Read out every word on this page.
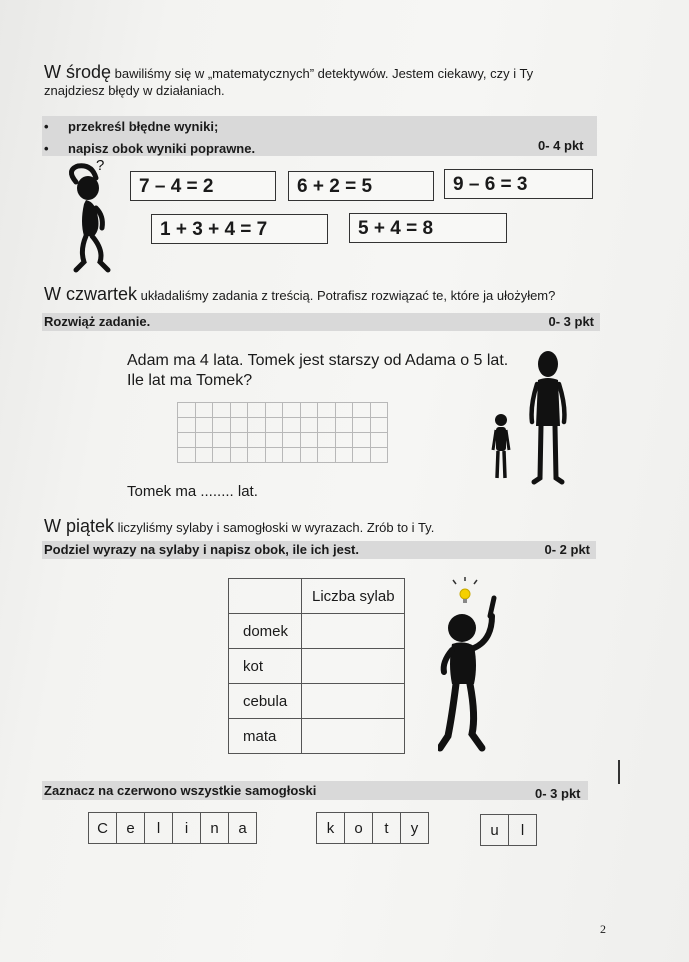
W środę bawiliśmy się w „matematycznych” detektywów. Jestem ciekawy, czy i Ty
znajdziesz błędy w działaniach.
• przekreśl błędne wyniki;
• napisz obok wyniki poprawne.	0- 4 pkt
?
7 – 4 = 2	6 + 2 = 5	9 – 6 = 3
1 + 3 + 4 = 7	5 + 4 = 8
W czwartek układaliśmy zadania z treścią. Potrafisz rozwiązać te, które ja ułożyłem?
Rozwiąż zadanie.	0- 3 pkt
Adam ma 4 lata. Tomek jest starszy od Adama o 5 lat.
Ile lat ma Tomek?

Tomek ma ........ lat.
W piątek liczyliśmy sylaby i samogłoski w wyrazach. Zrób to i Ty.
Podziel wyrazy na sylaby i napisz obok, ile ich jest.	0- 2 pkt
	Liczba sylab
domek	
kot	
cebula	
mata	
Zaznacz na czerwono wszystkie samogłoski	0- 3 pkt
C	e	l	i	n	a	k	o	t	y	u	l
2
